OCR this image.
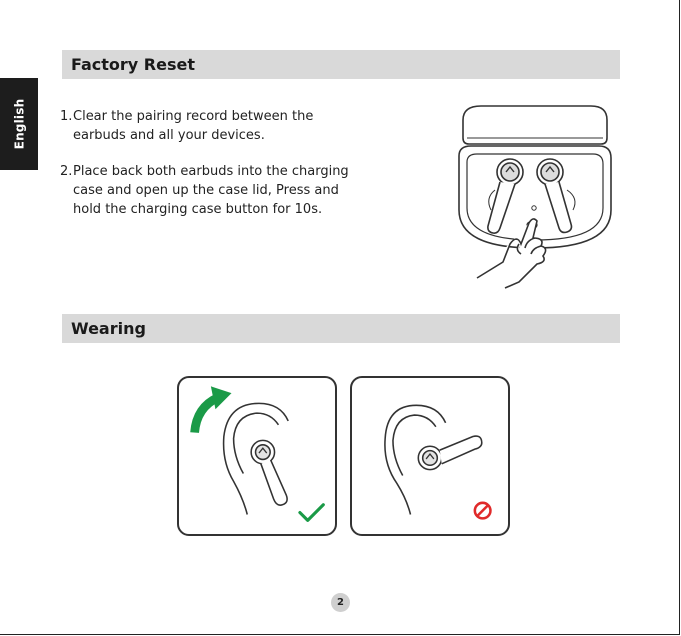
English
Factory Reset
1. Clear the pairing record between the earbuds and all your devices.
2. Place back both earbuds into the charging case and open up the case lid, Press and hold the charging case button for 10s.
Wearing
2
